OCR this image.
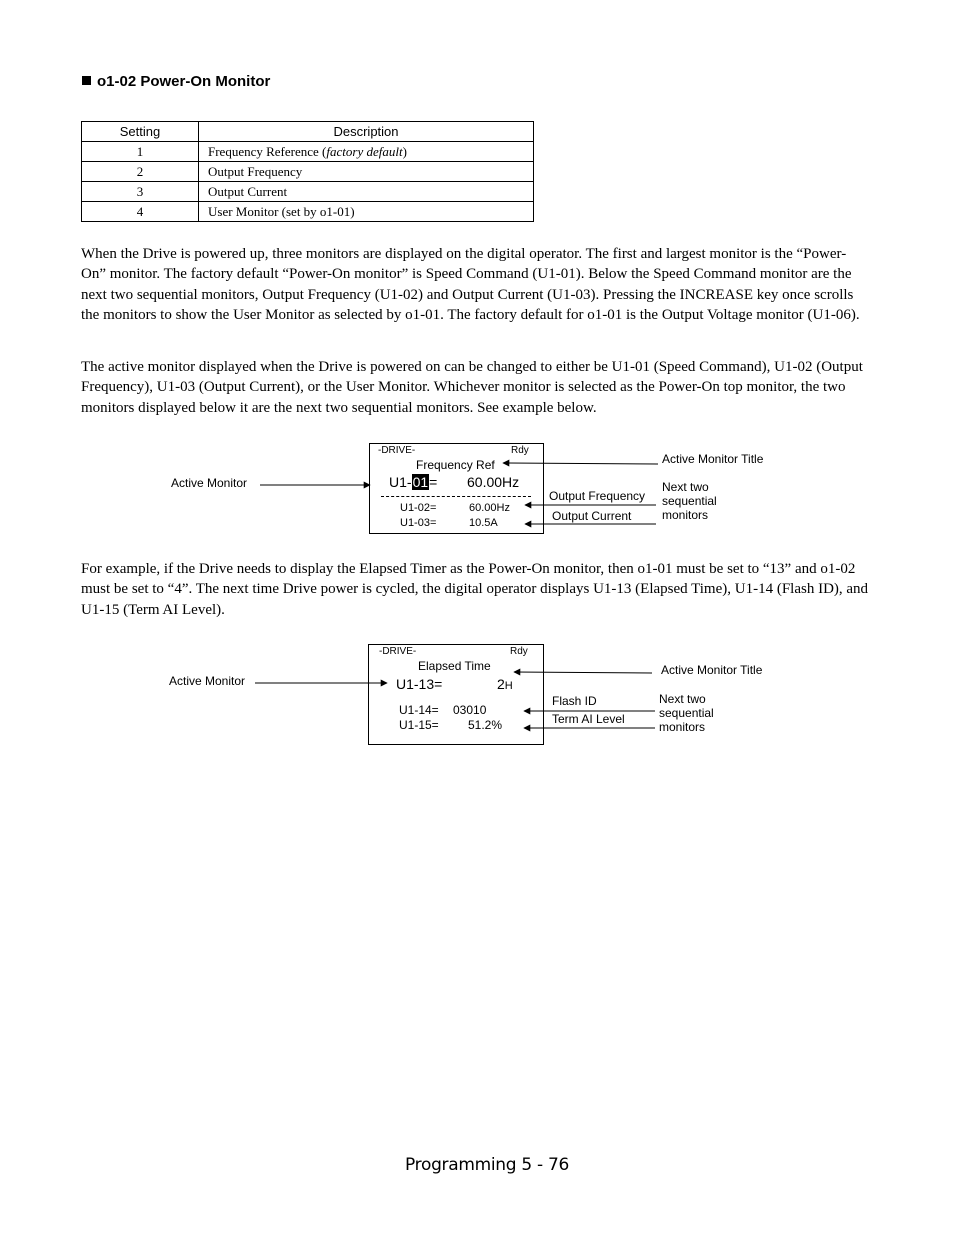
o1-02 Power-On Monitor
Setting	Description
1	Frequency Reference (factory default)
2	Output Frequency
3	Output Current
4	User Monitor (set by o1-01)
When the Drive is powered up, three monitors are displayed on the digital operator. The first and largest monitor is the “Power-On” monitor. The factory default “Power-On monitor” is Speed Command (U1-01). Below the Speed Command monitor are the next two sequential monitors, Output Frequency (U1-02) and Output Current (U1-03). Pressing the INCREASE key once scrolls the monitors to show the User Monitor as selected by o1-01. The factory default for o1-01 is the Output Voltage monitor (U1-06).
The active monitor displayed when the Drive is powered on can be changed to either be U1-01 (Speed Command), U1-02 (Output Frequency), U1-03 (Output Current), or the User Monitor. Whichever monitor is selected as the Power-On top monitor, the two monitors displayed below it are the next two sequential monitors. See example below.
For example, if the Drive needs to display the Elapsed Timer as the Power-On monitor, then o1-01 must be set to “13” and o1-02 must be set to “4”. The next time Drive power is cycled, the digital operator displays U1-13 (Elapsed Time), U1-14 (Flash ID), and U1-15 (Term AI Level).
-DRIVE-	Rdy
Frequency Ref
U1-01= 60.00Hz
U1-02=	60.00Hz
U1-03=	10.5A
Active Monitor
Active Monitor Title
Output Frequency
Output Current
Next two
sequential
monitors
-DRIVE-	Rdy
Elapsed Time
U1-13=	2H
U1-14= 03010
U1-15= 51.2%
Active Monitor
Active Monitor Title
Flash ID
Term AI Level
Next two
sequential
monitors
Programming 5 - 76
